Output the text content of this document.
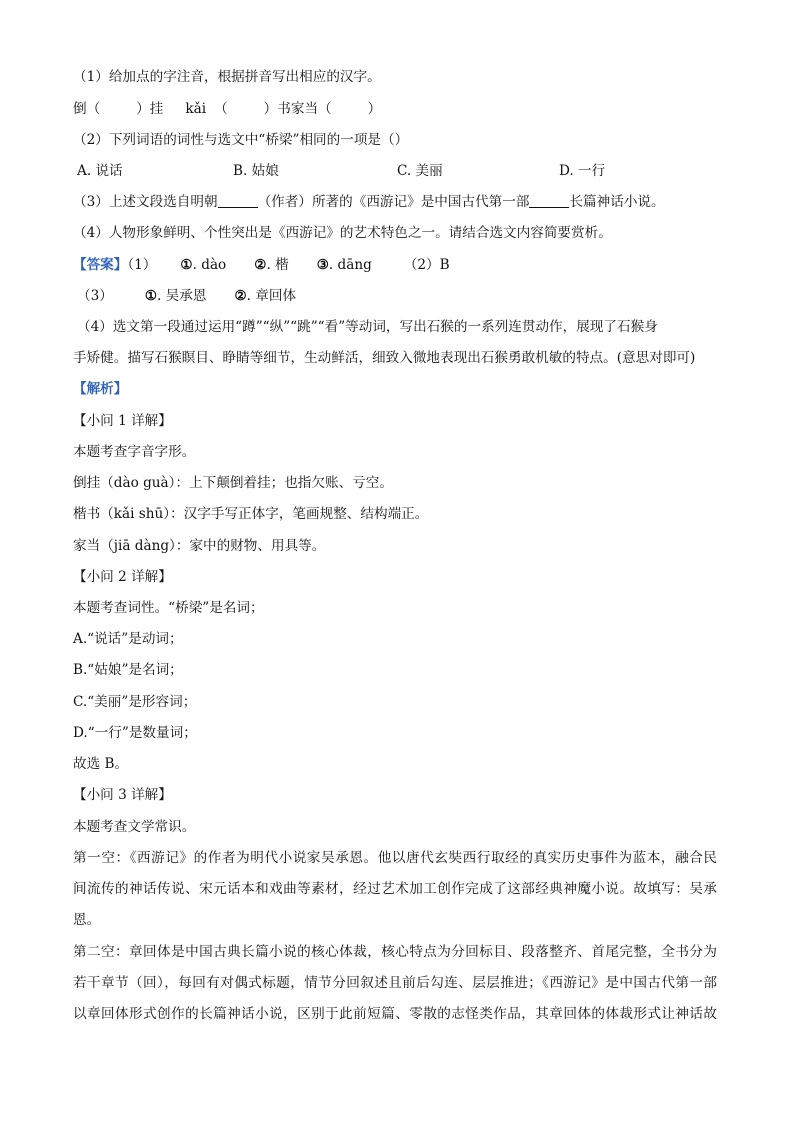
（1）给加点的字注音，根据拼音写出相应的汉字。
倒（	）挂 kǎi （	）书家当（	）
（2）下列词语的词性与选文中“桥梁”相同的一项是（）
A. 说话	B. 姑娘	C. 美丽	D. 一行
（3）上述文段选自明朝	（作者）所著的《西游记》是中国古代第一部	长篇神话小说。
（4）人物形象鲜明、个性突出是《西游记》的艺术特色之一。请结合选文内容简要赏析。
【答案】（1） ①. dào ②. 楷 ③. dāng （2）B
（3） ①. 吴承恩 ②. 章回体
（4）选文第一段通过运用“蹲”“纵”“跳”“看”等动词，写出石猴的一系列连贯动作，展现了石猴身
手矫健。描写石猴瞑目、睁睛等细节，生动鲜活，细致入微地表现出石猴勇敢机敏的特点。(意思对即可)
【解析】
【小问 1 详解】
本题考查字音字形。
倒挂（dào guà）：上下颠倒着挂；也指欠账、亏空。
楷书（kǎi shū）：汉字手写正体字，笔画规整、结构端正。
家当（jiā dàng）：家中的财物、用具等。
【小问 2 详解】
本题考查词性。“桥梁”是名词；
A.“说话”是动词；
B.“姑娘”是名词；
C.“美丽”是形容词；
D.“一行”是数量词；
故选 B。
【小问 3 详解】
本题考查文学常识。
第一空：《西游记》的作者为明代小说家吴承恩。他以唐代玄奘西行取经的真实历史事件为蓝本，融合民
间流传的神话传说、宋元话本和戏曲等素材，经过艺术加工创作完成了这部经典神魔小说。故填写：吴承
恩。
第二空：章回体是中国古典长篇小说的核心体裁，核心特点为分回标目、段落整齐、首尾完整，全书分为
若干章节（回），每回有对偶式标题，情节分回叙述且前后勾连、层层推进；《西游记》是中国古代第一部
以章回体形式创作的长篇神话小说，区别于此前短篇、零散的志怪类作品，其章回体的体裁形式让神话故
